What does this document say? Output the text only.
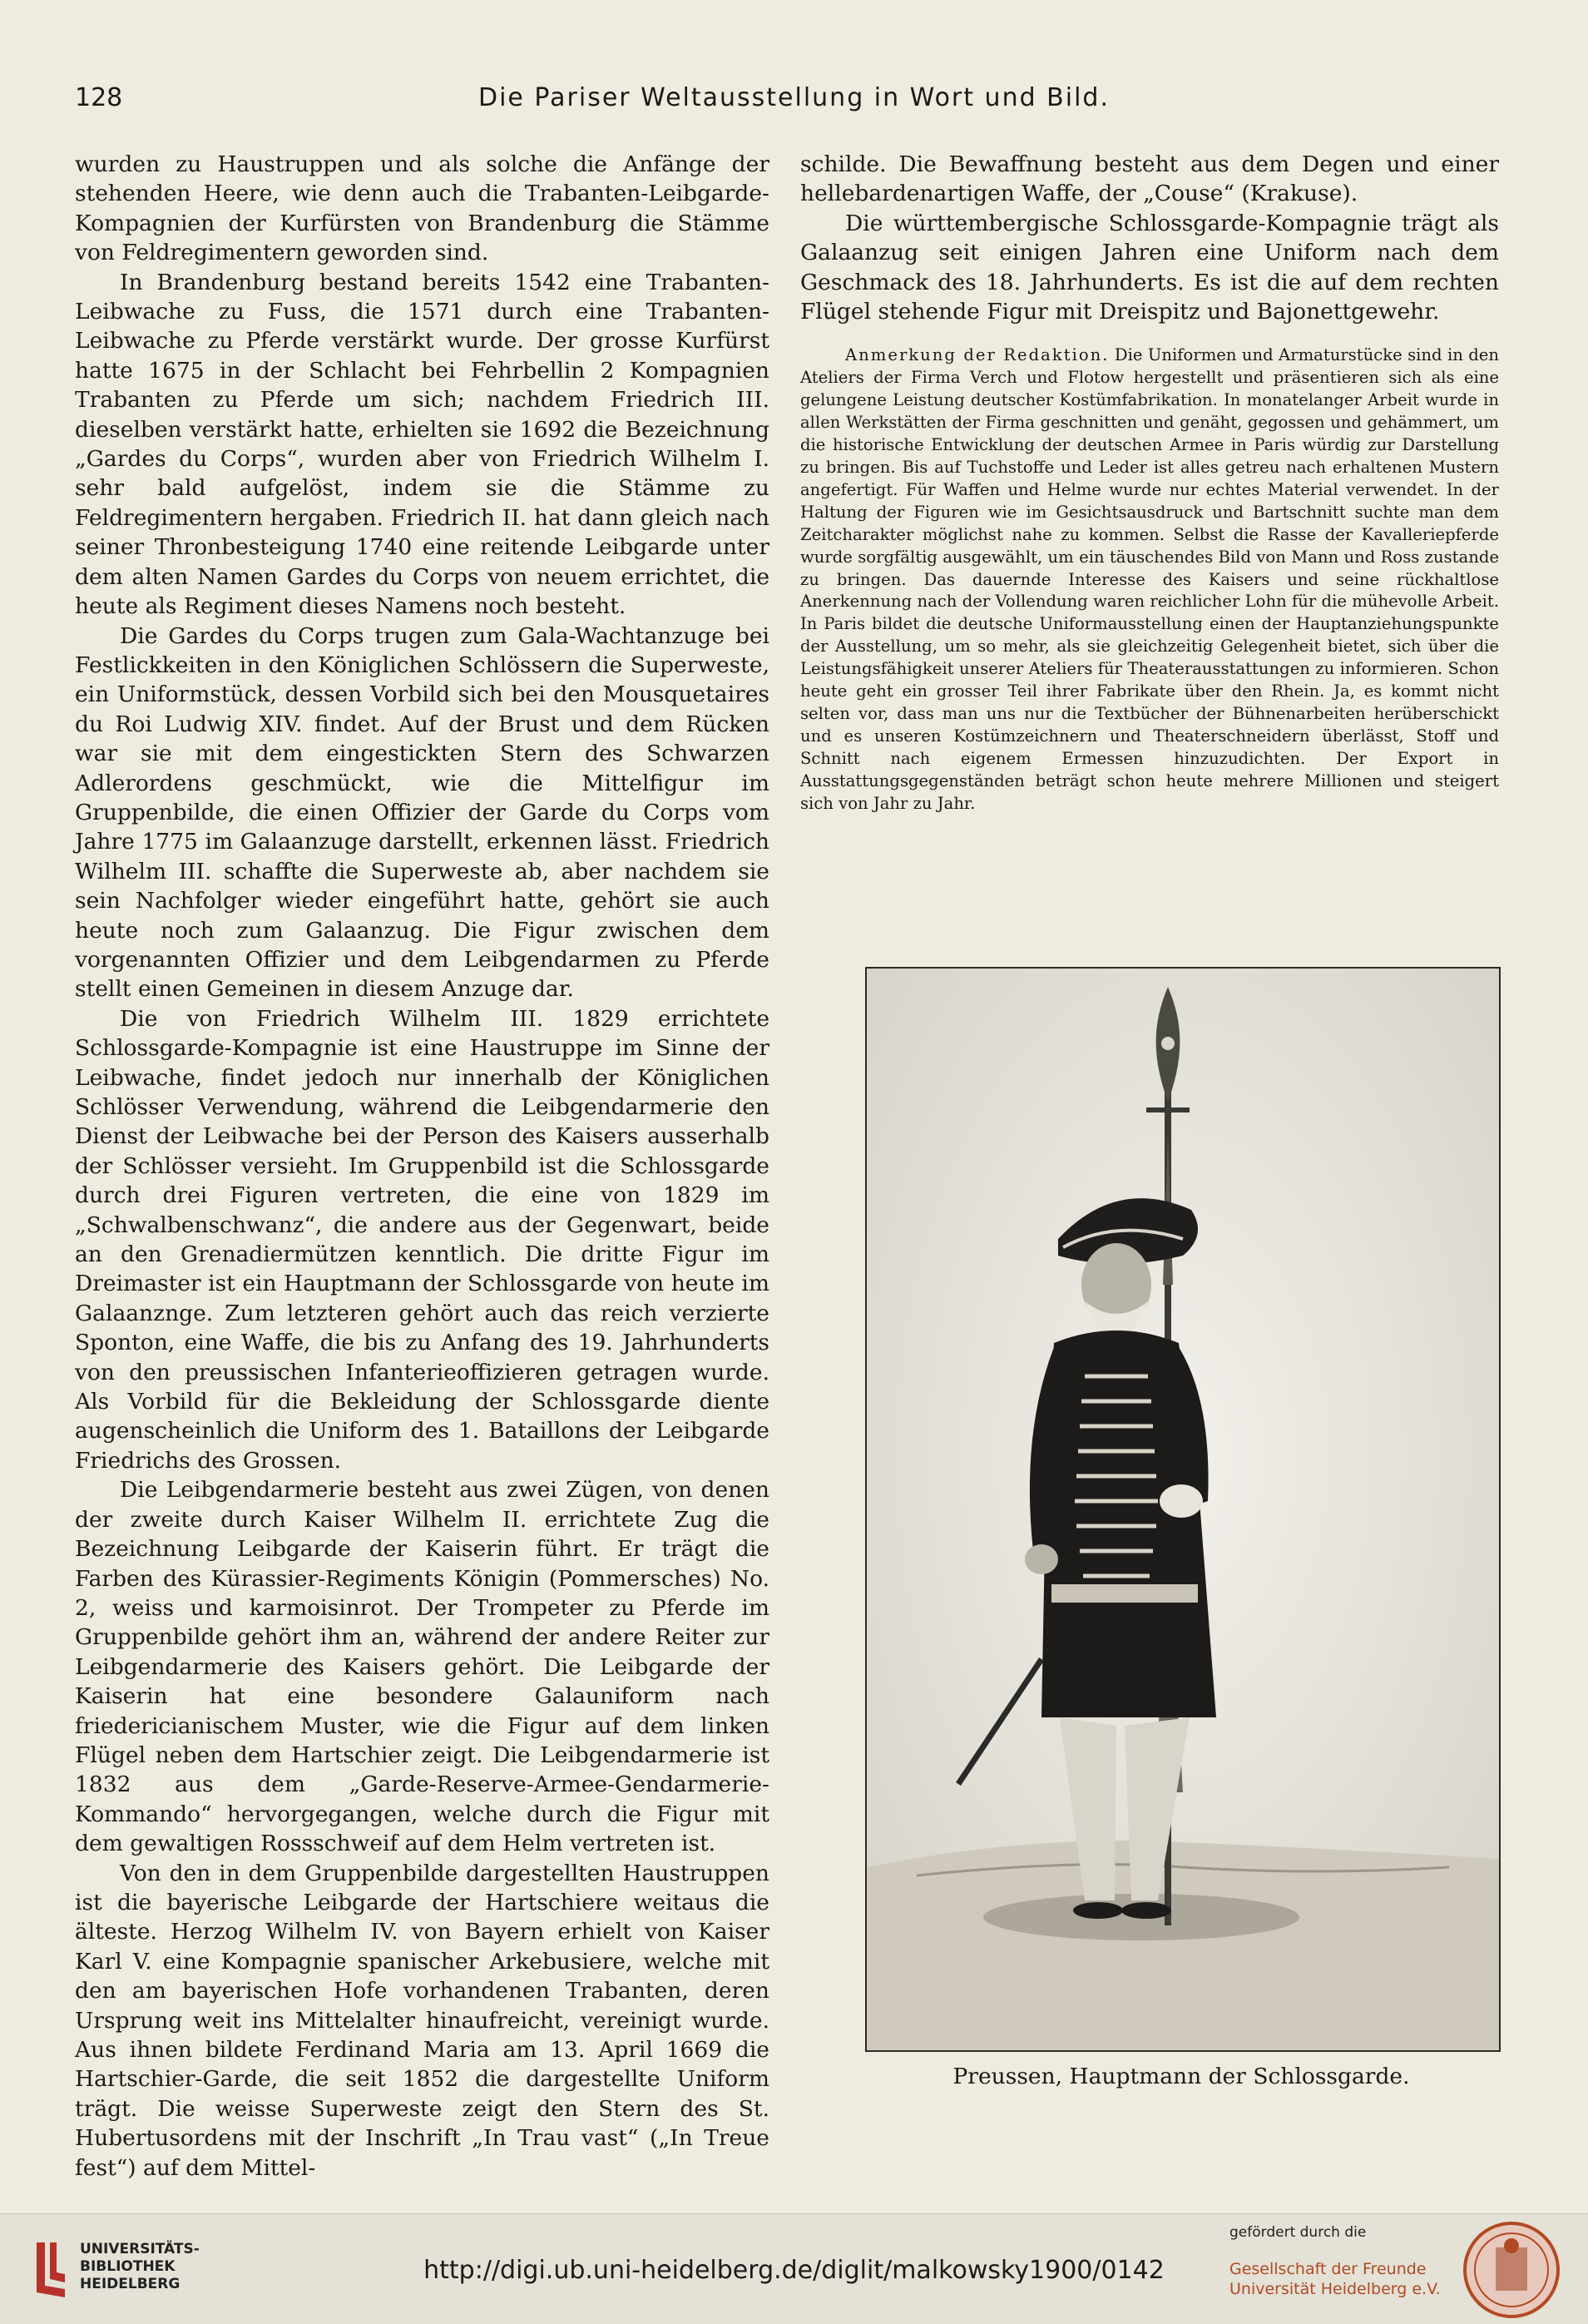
128	Die Pariser Weltausstellung in Wort und Bild.

wurden zu Haustruppen und als solche die Anfänge der stehenden Heere, wie denn auch die Trabanten-Leibgarde-Kompagnien der Kurfürsten von Brandenburg die Stämme von Feldregimentern geworden sind.

In Brandenburg bestand bereits 1542 eine Trabanten-Leibwache zu Fuss, die 1571 durch eine Trabanten-Leibwache zu Pferde verstärkt wurde. Der grosse Kurfürst hatte 1675 in der Schlacht bei Fehrbellin 2 Kompagnien Trabanten zu Pferde um sich; nachdem Friedrich III. dieselben verstärkt hatte, erhielten sie 1692 die Bezeichnung „Gardes du Corps“, wurden aber von Friedrich Wilhelm I. sehr bald aufgelöst, indem sie die Stämme zu Feldregimentern hergaben. Friedrich II. hat dann gleich nach seiner Thronbesteigung 1740 eine reitende Leibgarde unter dem alten Namen Gardes du Corps von neuem errichtet, die heute als Regiment dieses Namens noch besteht.

Die Gardes du Corps trugen zum Gala-Wachtanzuge bei Festlickkeiten in den Königlichen Schlössern die Superweste, ein Uniformstück, dessen Vorbild sich bei den Mousquetaires du Roi Ludwig XIV. findet. Auf der Brust und dem Rücken war sie mit dem eingestickten Stern des Schwarzen Adlerordens geschmückt, wie die Mittelfigur im Gruppenbilde, die einen Offizier der Garde du Corps vom Jahre 1775 im Galaanzuge darstellt, erkennen lässt. Friedrich Wilhelm III. schaffte die Superweste ab, aber nachdem sie sein Nachfolger wieder eingeführt hatte, gehört sie auch heute noch zum Galaanzug. Die Figur zwischen dem vorgenannten Offizier und dem Leibgendarmen zu Pferde stellt einen Gemeinen in diesem Anzuge dar.

Die von Friedrich Wilhelm III. 1829 errichtete Schlossgarde-Kompagnie ist eine Haustruppe im Sinne der Leibwache, findet jedoch nur innerhalb der Königlichen Schlösser Verwendung, während die Leibgendarmerie den Dienst der Leibwache bei der Person des Kaisers ausserhalb der Schlösser versieht. Im Gruppenbild ist die Schlossgarde durch drei Figuren vertreten, die eine von 1829 im „Schwalbenschwanz“, die andere aus der Gegenwart, beide an den Grenadiermützen kenntlich. Die dritte Figur im Dreimaster ist ein Hauptmann der Schlossgarde von heute im Galaanznge. Zum letzteren gehört auch das reich verzierte Sponton, eine Waffe, die bis zu Anfang des 19. Jahrhunderts von den preussischen Infanterieoffizieren getragen wurde. Als Vorbild für die Bekleidung der Schlossgarde diente augenscheinlich die Uniform des 1. Bataillons der Leibgarde Friedrichs des Grossen.

Die Leibgendarmerie besteht aus zwei Zügen, von denen der zweite durch Kaiser Wilhelm II. errichtete Zug die Bezeichnung Leibgarde der Kaiserin führt. Er trägt die Farben des Kürassier-Regiments Königin (Pommersches) No. 2, weiss und karmoisinrot. Der Trompeter zu Pferde im Gruppenbilde gehört ihm an, während der andere Reiter zur Leibgendarmerie des Kaisers gehört. Die Leibgarde der Kaiserin hat eine besondere Galauniform nach friedericianischem Muster, wie die Figur auf dem linken Flügel neben dem Hartschier zeigt. Die Leibgendarmerie ist 1832 aus dem „Garde-Reserve-Armee-Gendarmerie-Kommando“ hervorgegangen, welche durch die Figur mit dem gewaltigen Rossschweif auf dem Helm vertreten ist.

Von den in dem Gruppenbilde dargestellten Haustruppen ist die bayerische Leibgarde der Hartschiere weitaus die älteste. Herzog Wilhelm IV. von Bayern erhielt von Kaiser Karl V. eine Kompagnie spanischer Arkebusiere, welche mit den am bayerischen Hofe vorhandenen Trabanten, deren Ursprung weit ins Mittelalter hinaufreicht, vereinigt wurde. Aus ihnen bildete Ferdinand Maria am 13. April 1669 die Hartschier-Garde, die seit 1852 die dargestellte Uniform trägt. Die weisse Superweste zeigt den Stern des St. Hubertusordens mit der Inschrift „In Trau vast“ („In Treue fest“) auf dem Mittel-

schilde. Die Bewaffnung besteht aus dem Degen und einer hellebardenartigen Waffe, der „Couse“ (Krakuse).

Die württembergische Schlossgarde-Kompagnie trägt als Galaanzug seit einigen Jahren eine Uniform nach dem Geschmack des 18. Jahrhunderts. Es ist die auf dem rechten Flügel stehende Figur mit Dreispitz und Bajonettgewehr.

Anmerkung der Redaktion. Die Uniformen und Armaturstücke sind in den Ateliers der Firma Verch und Flotow hergestellt und präsentieren sich als eine gelungene Leistung deutscher Kostümfabrikation. In monatelanger Arbeit wurde in allen Werkstätten der Firma geschnitten und genäht, gegossen und gehämmert, um die historische Entwicklung der deutschen Armee in Paris würdig zur Darstellung zu bringen. Bis auf Tuchstoffe und Leder ist alles getreu nach erhaltenen Mustern angefertigt. Für Waffen und Helme wurde nur echtes Material verwendet. In der Haltung der Figuren wie im Gesichtsausdruck und Bartschnitt suchte man dem Zeitcharakter möglichst nahe zu kommen. Selbst die Rasse der Kavalleriepferde wurde sorgfältig ausgewählt, um ein täuschendes Bild von Mann und Ross zustande zu bringen. Das dauernde Interesse des Kaisers und seine rückhaltlose Anerkennung nach der Vollendung waren reichlicher Lohn für die mühevolle Arbeit. In Paris bildet die deutsche Uniformausstellung einen der Hauptanziehungspunkte der Ausstellung, um so mehr, als sie gleichzeitig Gelegenheit bietet, sich über die Leistungsfähigkeit unserer Ateliers für Theaterausstattungen zu informieren. Schon heute geht ein grosser Teil ihrer Fabrikate über den Rhein. Ja, es kommt nicht selten vor, dass man uns nur die Textbücher der Bühnenarbeiten herüberschickt und es unseren Kostümzeichnern und Theaterschneidern überlässt, Stoff und Schnitt nach eigenem Ermessen hinzuzudichten. Der Export in Ausstattungsgegenständen beträgt schon heute mehrere Millionen und steigert sich von Jahr zu Jahr.
Preussen, Hauptmann der Schlossgarde.
UNIVERSITÄTS-
BIBLIOTHEK
HEIDELBERG	http://digi.ub.uni-heidelberg.de/diglit/malkowsky1900/0142
gefördert durch die
Gesellschaft der Freunde
Universität Heidelberg e.V.
